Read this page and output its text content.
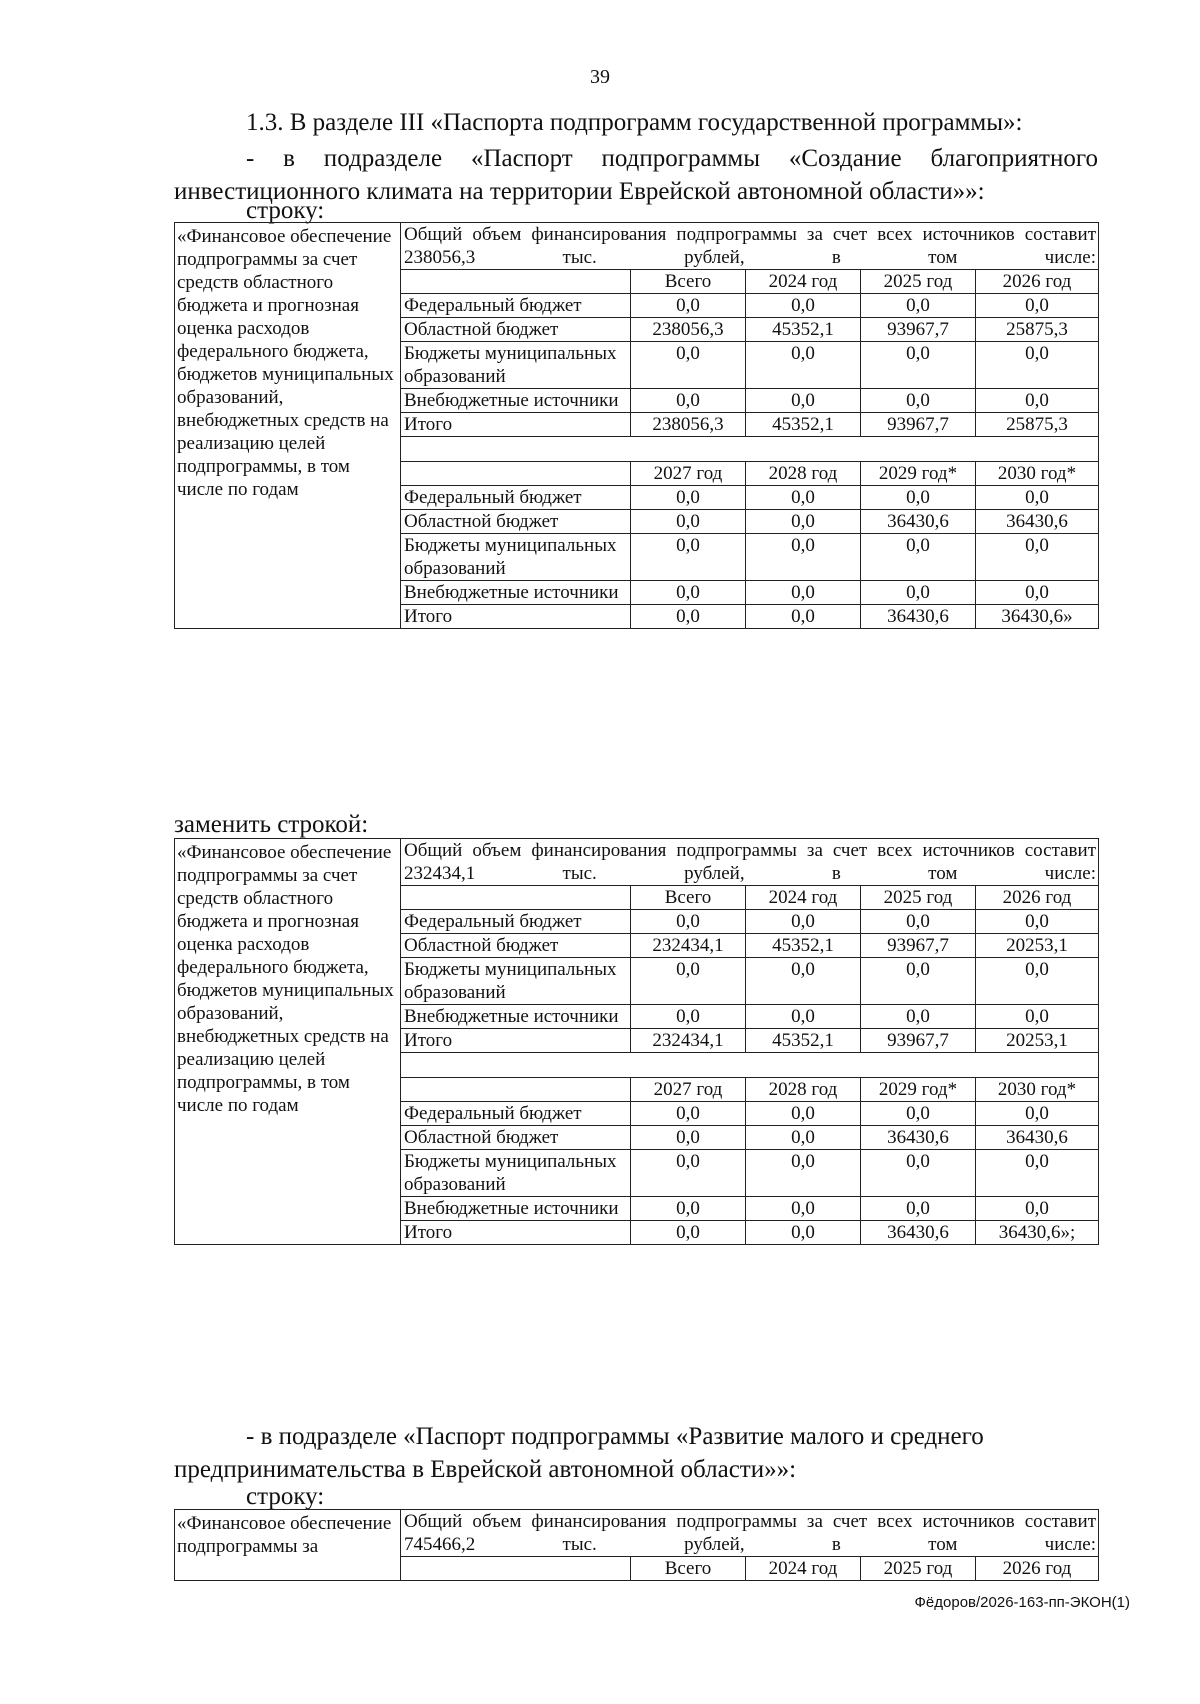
39
1.3. В разделе III «Паспорта подпрограмм государственной программы»:
- в подразделе «Паспорт подпрограммы «Создание благоприятного инвестиционного климата на территории Еврейской автономной области»»:
строку:
«Финансовое обеспечение подпрограммы за счет средств областного бюджета и прогнозная оценка расходов федерального бюджета, бюджетов муниципальных образований, внебюджетных средств на реализацию целей подпрограммы, в том числе по годам	Общий объем финансирования подпрограммы за счет всех источников составит 238056,3 тыс. рублей, в том числе:				
		Всего	2024 год	2025 год	2026 год
	Федеральный бюджет	0,0	0,0	0,0	0,0
	Областной бюджет	238056,3	45352,1	93967,7	25875,3
	Бюджеты муниципальных образований	0,0	0,0	0,0	0,0
	Внебюджетные источники	0,0	0,0	0,0	0,0
	Итого	238056,3	45352,1	93967,7	25875,3

		2027 год	2028 год	2029 год*	2030 год*
	Федеральный бюджет	0,0	0,0	0,0	0,0
	Областной бюджет	0,0	0,0	36430,6	36430,6
	Бюджеты муниципальных образований	0,0	0,0	0,0	0,0
	Внебюджетные источники	0,0	0,0	0,0	0,0
	Итого	0,0	0,0	36430,6	36430,6»
заменить строкой:
«Финансовое обеспечение подпрограммы за счет средств областного бюджета и прогнозная оценка расходов федерального бюджета, бюджетов муниципальных образований, внебюджетных средств на реализацию целей подпрограммы, в том числе по годам	Общий объем финансирования подпрограммы за счет всех источников составит 232434,1 тыс. рублей, в том числе:				
		Всего	2024 год	2025 год	2026 год
	Федеральный бюджет	0,0	0,0	0,0	0,0
	Областной бюджет	232434,1	45352,1	93967,7	20253,1
	Бюджеты муниципальных образований	0,0	0,0	0,0	0,0
	Внебюджетные источники	0,0	0,0	0,0	0,0
	Итого	232434,1	45352,1	93967,7	20253,1

		2027 год	2028 год	2029 год*	2030 год*
	Федеральный бюджет	0,0	0,0	0,0	0,0
	Областной бюджет	0,0	0,0	36430,6	36430,6
	Бюджеты муниципальных образований	0,0	0,0	0,0	0,0
	Внебюджетные источники	0,0	0,0	0,0	0,0
	Итого	0,0	0,0	36430,6	36430,6»;
- в подразделе «Паспорт подпрограммы «Развитие малого и среднего предпринимательства в Еврейской автономной области»»:
строку:
«Финансовое обеспечение подпрограммы за	Общий объем финансирования подпрограммы за счет всех источников составит 745466,2 тыс. рублей, в том числе:				
		Всего	2024 год	2025 год	2026 год
Фёдоров/2026-163-пп-ЭКОН(1)
